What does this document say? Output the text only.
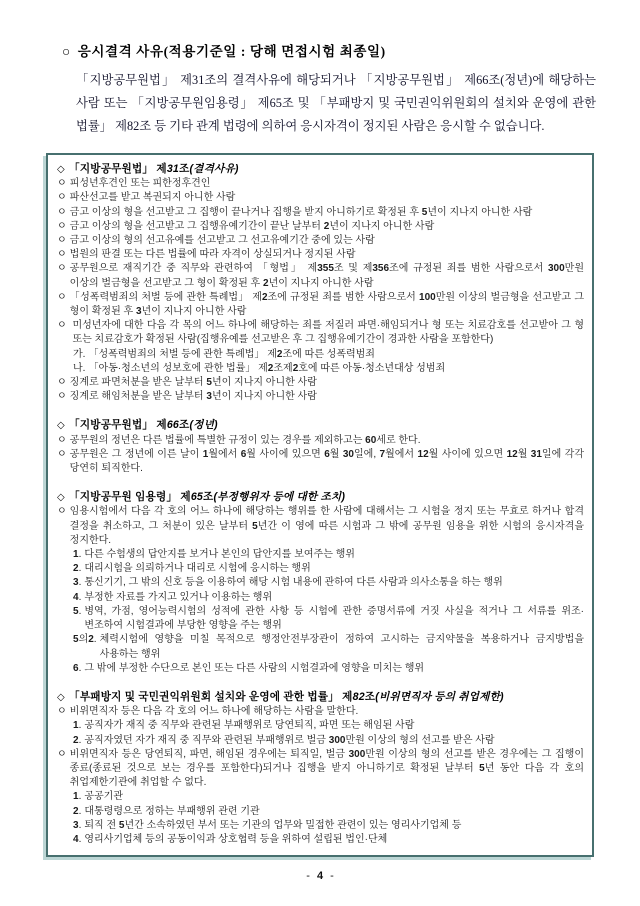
○ 응시결격 사유(적용기준일 : 당해 면접시험 최종일)

「지방공무원법」 제31조의 결격사유에 해당되거나 「지방공무원법」 제66조(정년)에 해당하는 사람 또는 「지방공무원임용령」 제65조 및 「부패방지 및 국민권익위원회의 설치와 운영에 관한 법률」 제82조 등 기타 관계 법령에 의하여 응시자격이 정지된 사람은 응시할 수 없습니다.

◇ 「지방공무원법」 제31조(결격사유)
ㅇ 피성년후견인 또는 피한정후견인
ㅇ 파산선고를 받고 복권되지 아니한 사람
ㅇ 금고 이상의 형을 선고받고 그 집행이 끝나거나 집행을 받지 아니하기로 확정된 후 5년이 지나지 아니한 사람
ㅇ 금고 이상의 형을 선고받고 그 집행유예기간이 끝난 날부터 2년이 지나지 아니한 사람
ㅇ 금고 이상의 형의 선고유예를 선고받고 그 선고유예기간 중에 있는 사람
ㅇ 법원의 판결 또는 다른 법률에 따라 자격이 상실되거나 정지된 사람
ㅇ 공무원으로 재직기간 중 직무와 관련하여 「형법」 제355조 및 제356조에 규정된 죄를 범한 사람으로서 300만원 이상의 벌금형을 선고받고 그 형이 확정된 후 2년이 지나지 아니한 사람
ㅇ 「성폭력범죄의 처벌 등에 관한 특례법」 제2조에 규정된 죄를 범한 사람으로서 100만원 이상의 벌금형을 선고받고 그 형이 확정된 후 3년이 지나지 아니한 사람
ㅇ 미성년자에 대한 다음 각 목의 어느 하나에 해당하는 죄를 저질러 파면·해임되거나 형 또는 치료감호를 선고받아 그 형 또는 치료감호가 확정된 사람(집행유예를 선고받은 후 그 집행유예기간이 경과한 사람을 포함한다)
가. 「성폭력범죄의 처벌 등에 관한 특례법」 제2조에 따른 성폭력범죄
나. 「아동·청소년의 성보호에 관한 법률」 제2조제2호에 따른 아동·청소년대상 성범죄
ㅇ 징계로 파면처분을 받은 날부터 5년이 지나지 아니한 사람
ㅇ 징계로 해임처분을 받은 날부터 3년이 지나지 아니한 사람
◇ 「지방공무원법」 제66조(정년)
ㅇ 공무원의 정년은 다른 법률에 특별한 규정이 있는 경우를 제외하고는 60세로 한다.
ㅇ 공무원은 그 정년에 이른 날이 1월에서 6월 사이에 있으면 6월 30일에, 7월에서 12월 사이에 있으면 12월 31일에 각각 당연히 퇴직한다.
◇ 「지방공무원 임용령」 제65조(부정행위자 등에 대한 조치)
ㅇ 임용시험에서 다음 각 호의 어느 하나에 해당하는 행위를 한 사람에 대해서는 그 시험을 정지 또는 무효로 하거나 합격 결정을 취소하고, 그 처분이 있은 날부터 5년간 이 영에 따른 시험과 그 밖에 공무원 임용을 위한 시험의 응시자격을 정지한다.
1. 다른 수험생의 답안지를 보거나 본인의 답안지를 보여주는 행위
2. 대리시험을 의뢰하거나 대리로 시험에 응시하는 행위
3. 통신기기, 그 밖의 신호 등을 이용하여 해당 시험 내용에 관하여 다른 사람과 의사소통을 하는 행위
4. 부정한 자료를 가지고 있거나 이용하는 행위
5. 병역, 가점, 영어능력시험의 성적에 관한 사항 등 시험에 관한 증명서류에 거짓 사실을 적거나 그 서류를 위조·변조하여 시험결과에 부당한 영향을 주는 행위
5의2. 체력시험에 영향을 미칠 목적으로 행정안전부장관이 정하여 고시하는 금지약물을 복용하거나 금지방법을 사용하는 행위
6. 그 밖에 부정한 수단으로 본인 또는 다른 사람의 시험결과에 영향을 미치는 행위
◇ 「부패방지 및 국민권익위원회 설치와 운영에 관한 법률」 제82조(비위면직자 등의 취업제한)
ㅇ 비위면직자 등은 다음 각 호의 어느 하나에 해당하는 사람을 말한다.
1. 공직자가 재직 중 직무와 관련된 부패행위로 당연퇴직, 파면 또는 해임된 사람
2. 공직자였던 자가 재직 중 직무와 관련된 부패행위로 벌금 300만원 이상의 형의 선고를 받은 사람
ㅇ 비위면직자 등은 당연퇴직, 파면, 해임된 경우에는 퇴직일, 벌금 300만원 이상의 형의 선고를 받은 경우에는 그 집행이 종료(종료된 것으로 보는 경우를 포함한다)되거나 집행을 받지 아니하기로 확정된 날부터 5년 동안 다음 각 호의 취업제한기관에 취업할 수 없다.
1. 공공기관
2. 대통령령으로 정하는 부패행위 관련 기관
3. 퇴직 전 5년간 소속하였던 부서 또는 기관의 업무와 밀접한 관련이 있는 영리사기업체 등
4. 영리사기업체 등의 공동이익과 상호협력 등을 위하여 설립된 법인·단체
- 4 -
